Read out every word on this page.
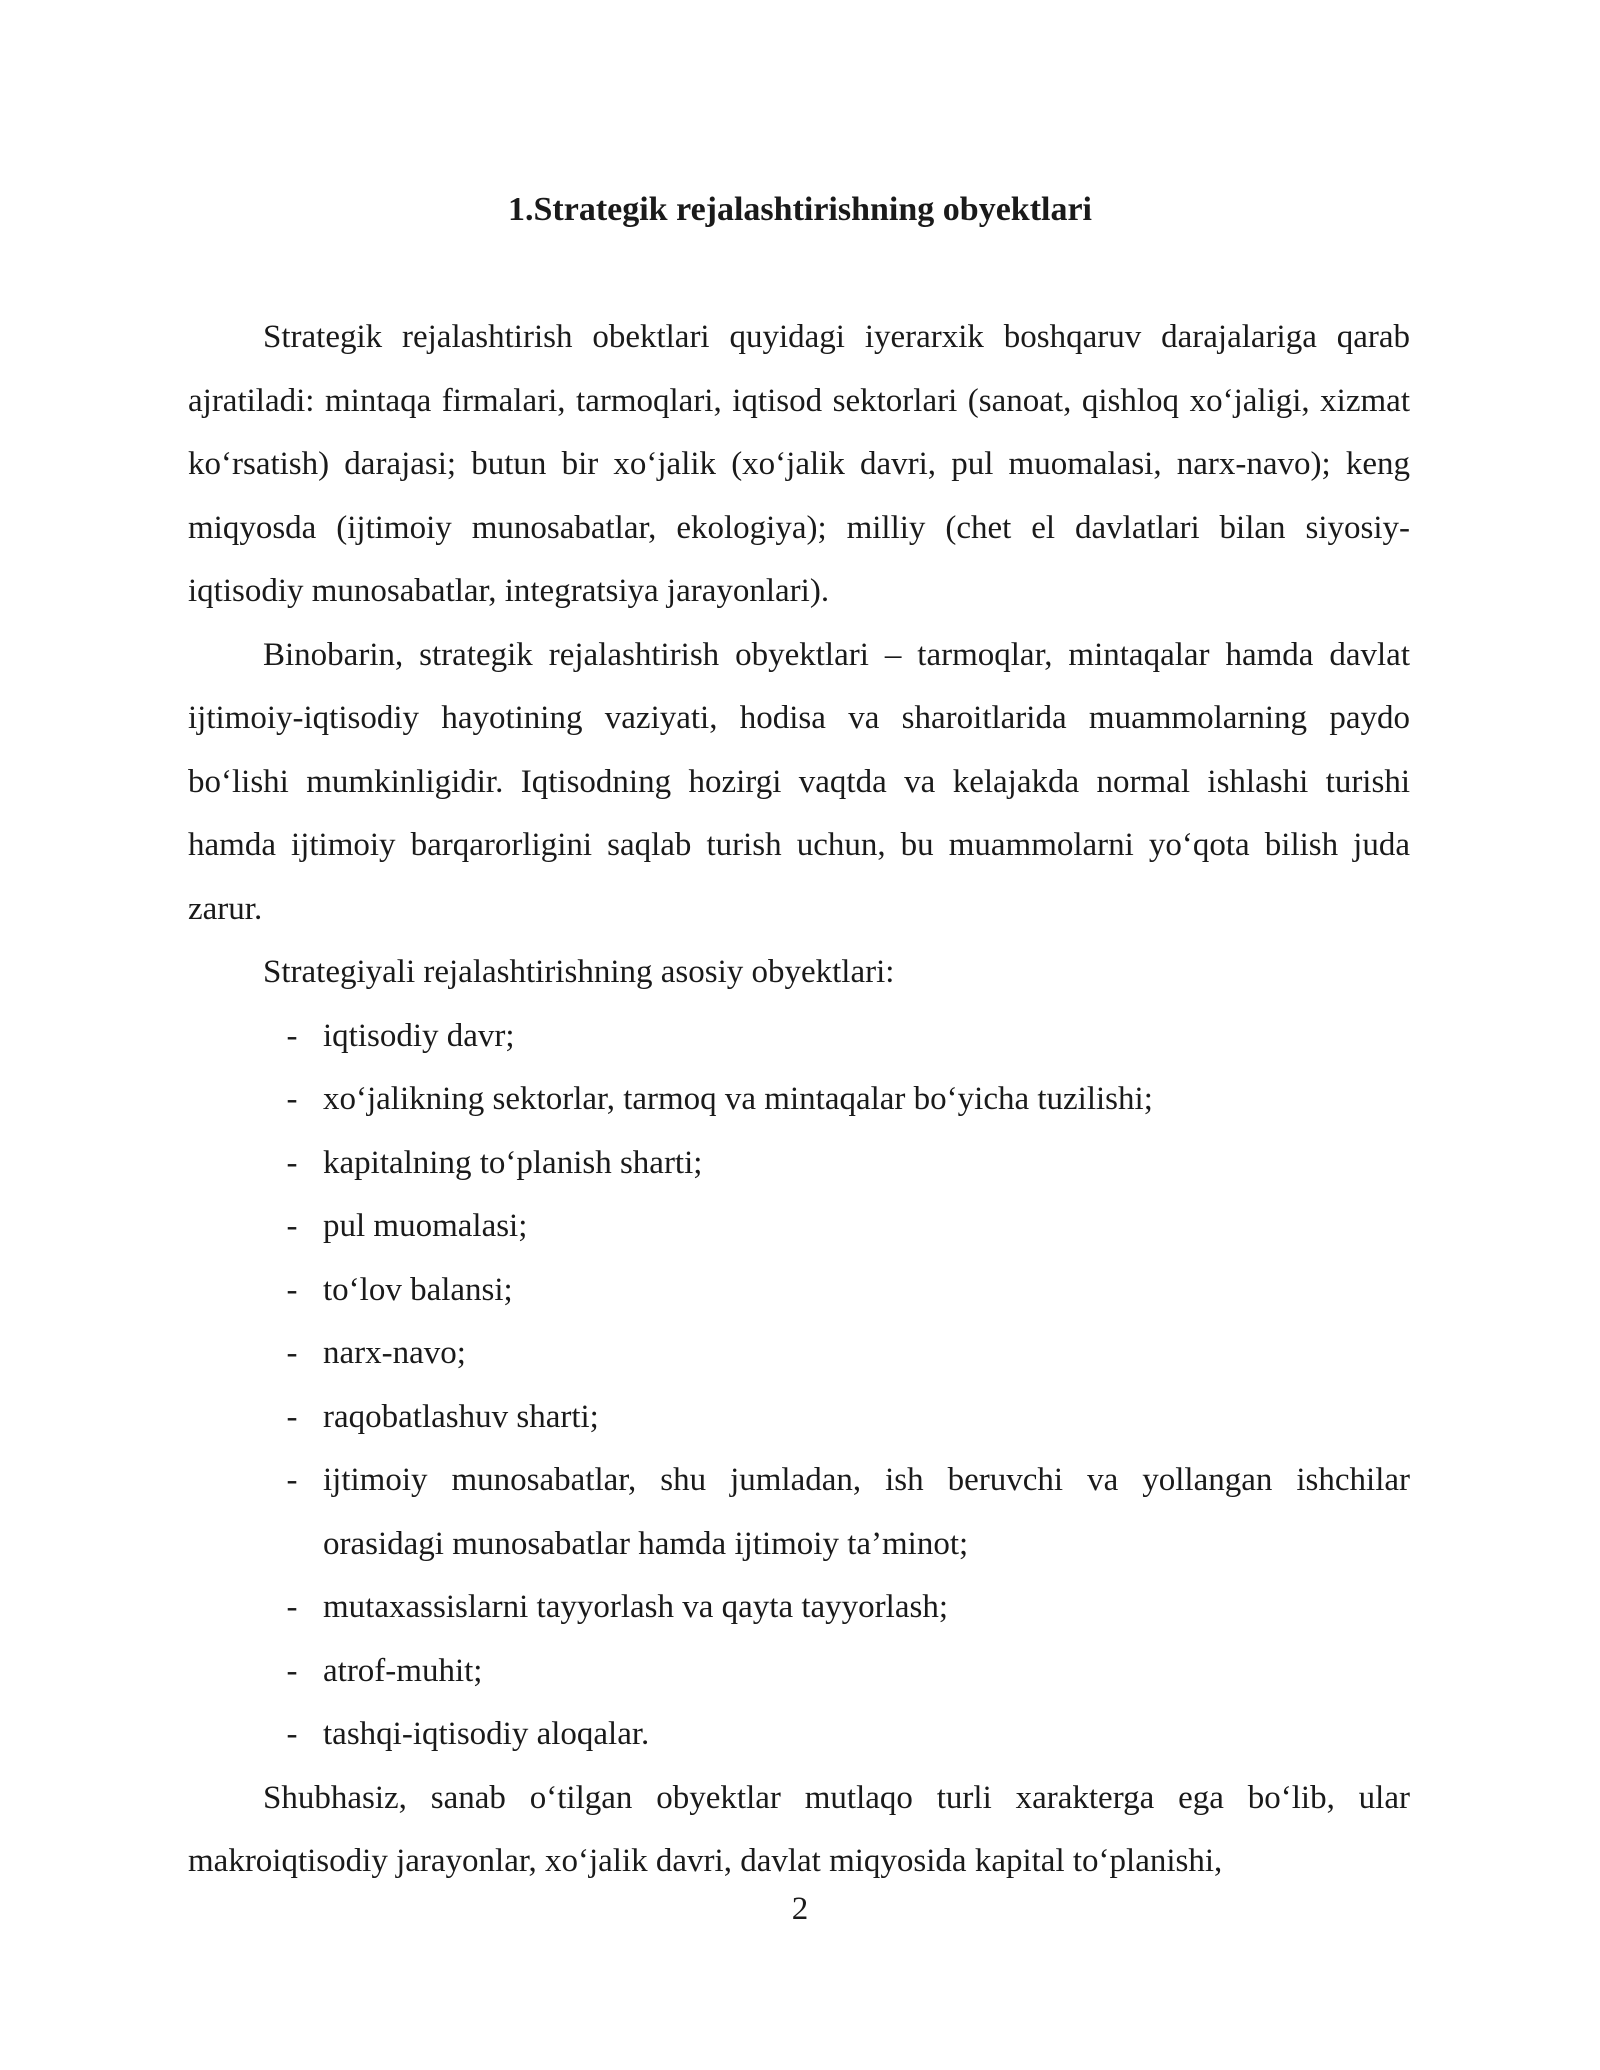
1.Strategik rejalashtirishning obyektlari

Strategik rejalashtirish obektlari quyidagi iyerarxik boshqaruv darajalariga qarab ajratiladi: mintaqa firmalari, tarmoqlari, iqtisod sektorlari (sanoat, qishloq xo‘jaligi, xizmat ko‘rsatish) darajasi; butun bir xo‘jalik (xo‘jalik davri, pul muomalasi, narx-navo); keng miqyosda (ijtimoiy munosabatlar, ekologiya); milliy (chet el davlatlari bilan siyosiy-iqtisodiy munosabatlar, integratsiya jarayonlari).

Binobarin, strategik rejalashtirish obyektlari – tarmoqlar, mintaqalar hamda davlat ijtimoiy-iqtisodiy hayotining vaziyati, hodisa va sharoitlarida muammolarning paydo bo‘lishi mumkinligidir. Iqtisodning hozirgi vaqtda va kelajakda normal ishlashi turishi hamda ijtimoiy barqarorligini saqlab turish uchun, bu muammolarni yo‘qota bilish juda zarur.

Strategiyali rejalashtirishning asosiy obyektlari:

- iqtisodiy davr;
- xo‘jalikning sektorlar, tarmoq va mintaqalar bo‘yicha tuzilishi;
- kapitalning to‘planish sharti;
- pul muomalasi;
- to‘lov balansi;
- narx-navo;
- raqobatlashuv sharti;
- ijtimoiy munosabatlar, shu jumladan, ish beruvchi va yollangan ishchilar orasidagi munosabatlar hamda ijtimoiy ta’minot;
- mutaxassislarni tayyorlash va qayta tayyorlash;
- atrof-muhit;
- tashqi-iqtisodiy aloqalar.

Shubhasiz, sanab o‘tilgan obyektlar mutlaqo turli xarakterga ega bo‘lib, ular makroiqtisodiy jarayonlar, xo‘jalik davri, davlat miqyosida kapital to‘planishi,

2
